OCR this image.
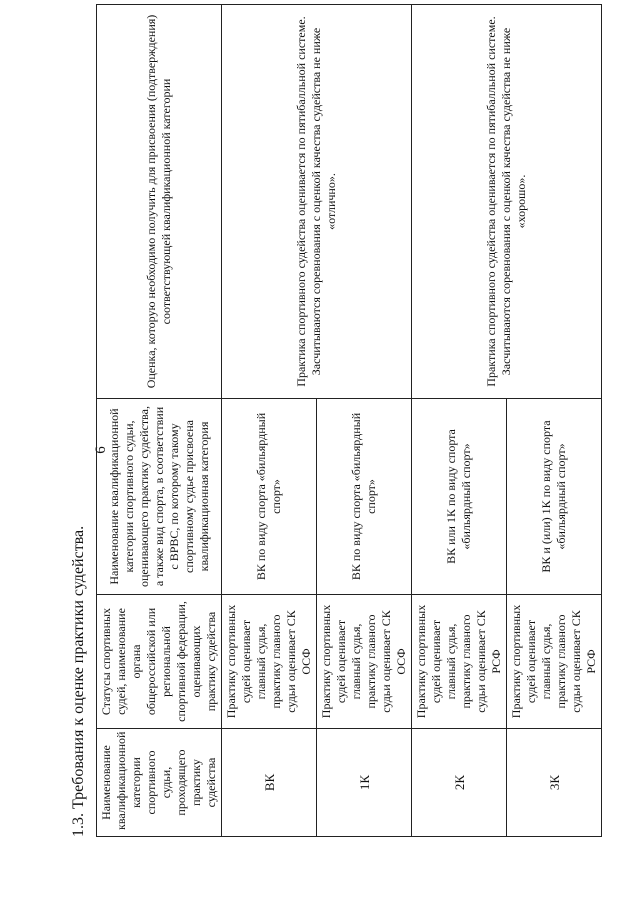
6
1.3. Требования к оценке практики судейства. Наименование квалификационной категории спортивного судьи, проходящего практику судейства	Статусы спортивных судей, наименование органа общероссийской или региональной спортивной федерации, оценивающих практику судейства	Наименование квалификационной категории спортивного судьи, оценивающего практику судейства, а также вид спорта, в соответствии с ВРВС, по которому такому спортивному судье присвоена квалификационная категория	Оценка, которую необходимо получить для присвоения (подтверждения) соответствующей квалификационной категории
ВК	Практику спортивных судей оценивает главный судья, практику главного судьи оценивает СК ОСФ	ВК по виду спорта «бильярдный спорт»	Практика спортивного судейства оценивается по пятибалльной системе. Засчитываются соревнования с оценкой качества судейства не ниже «отлично».
1К	Практику спортивных судей оценивает главный судья, практику главного судьи оценивает СК ОСФ	ВК по виду спорта «бильярдный спорт»	
2К	Практику спортивных судей оценивает главный судья, практику главного судьи оценивает СК РСФ	ВК или 1К по виду спорта «бильярдный спорт»	Практика спортивного судейства оценивается по пятибалльной системе. Засчитываются соревнования с оценкой качества судейства не ниже «хорошо».
3К	Практику спортивных судей оценивает главный судья, практику главного судьи оценивает СК РСФ	ВК и (или) 1К по виду спорта «бильярдный спорт»	
